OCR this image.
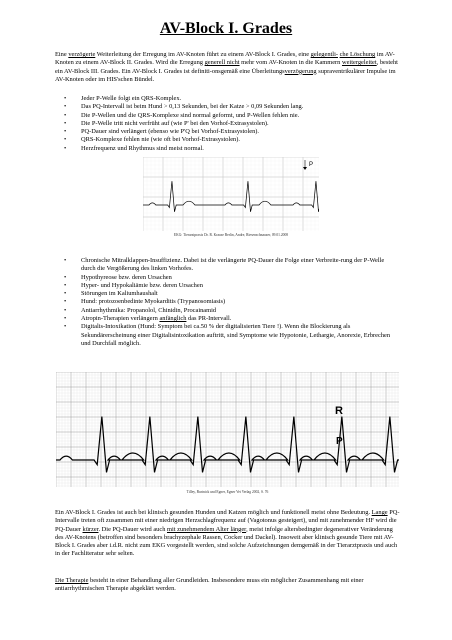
AV-Block I. Grades

Eine verzögerte Weiterleitung der Erregung im AV-Knoten führt zu einem AV-Block I. Grades, eine gelegentli- che Löschung im AV-Knoten zu einem AV-Block II. Grades. Wird die Erregung generell nicht mehr vom AV-Knoten in die Kammern weitergeleitet, besteht ein AV-Block III. Grades. Ein AV-Block I. Grades ist definiti-onsgemäß eine Überleitungsverzögerung supraventrikulärer Impulse im AV-Knoten oder im HIS'schen Bündel.

• Jeder P-Welle folgt ein QRS-Komplex.
• Das PQ-Intervall ist beim Hund > 0,13 Sekunden, bei der Katze > 0,09 Sekunden lang.
• Die P-Wellen und die QRS-Komplexe sind normal geformt, und P-Wellen fehlen nie.
• Die P-Welle tritt nicht verfrüht auf (wie P' bei den Vorhof-Extrasystolen).
• PQ-Dauer sind verlängert (ebenso wie P'Q bei Vorhof-Extrasystolen).
• QRS-Komplexe fehlen nie (wie oft bei Vorhof-Extrasystolen).
• Herzfrequenz und Rhythmus sind meist normal.
P
EKG: Tierarztpraxis Dr. R. Krause Berlin, Andre, Riesenschnauzer, 09.01.2008
• Chronische Mitralklappen-Insuffizienz. Dabei ist die verlängerte PQ-Dauer die Folge einer Verbreite-rung der P-Welle durch die Vergößerung des linken Vorhofes.
• Hypothyreose bzw. deren Ursachen
• Hyper- und Hypokaliämie bzw. deren Ursachen
• Störungen im Kaliumhaushalt
• Hund: protozoenbedinte Myokarditis (Trypanosomiasis)
• Antiarrhythmika: Propanolol, Chinidin, Procainamid
• Atropin-Therapien verlängern anfänglich das PR-Intervall.
• Digitalis-Intoxikation (Hund: Symptom bei ca.50 % der digitalisierten Tiere !). Wenn die Blockierung als Sekundärerscheinung einer Digitalisintoxikation auftritt, sind Symptome wie Hypotonie, Lethargie, Anorexie, Erbrechen und Durchfall möglich.
R
P
Tilley, Burtnick und Egner, Egner Vet Verlag 2002, S. 76

Ein AV-Block I. Grades ist auch bei klinisch gesunden Hunden und Katzen möglich und funktionell meist ohne Bedeutung. Lange PQ-Intervalle treten oft zusammen mit einer niedrigen Herzschlagfrequenz auf (Vagotonus gesteigert), und mit zunehmender HF wird die PQ-Dauer kürzer. Die PQ-Dauer wird auch mit zunehmendem Alter länger, meist infolge altersbedingter degenerativer Veränderung des AV-Knotens (betroffen sind besonders brachyzephale Rassen, Cocker und Dackel). Insoweit aber klinisch gesunde Tiere mit AV-Block I. Grades aber i.d.R. nicht zum EKG vorgestellt werden, sind solche Aufzeichnungen demgemäß in der Tierarztpraxis und auch in der Fachliteratur sehr selten.

Die Therapie besteht in einer Behandlung aller Grundleiden. Insbesondere muss ein möglicher Zusammenhang mit einer antiarrhythmischen Therapie abgeklärt werden.
